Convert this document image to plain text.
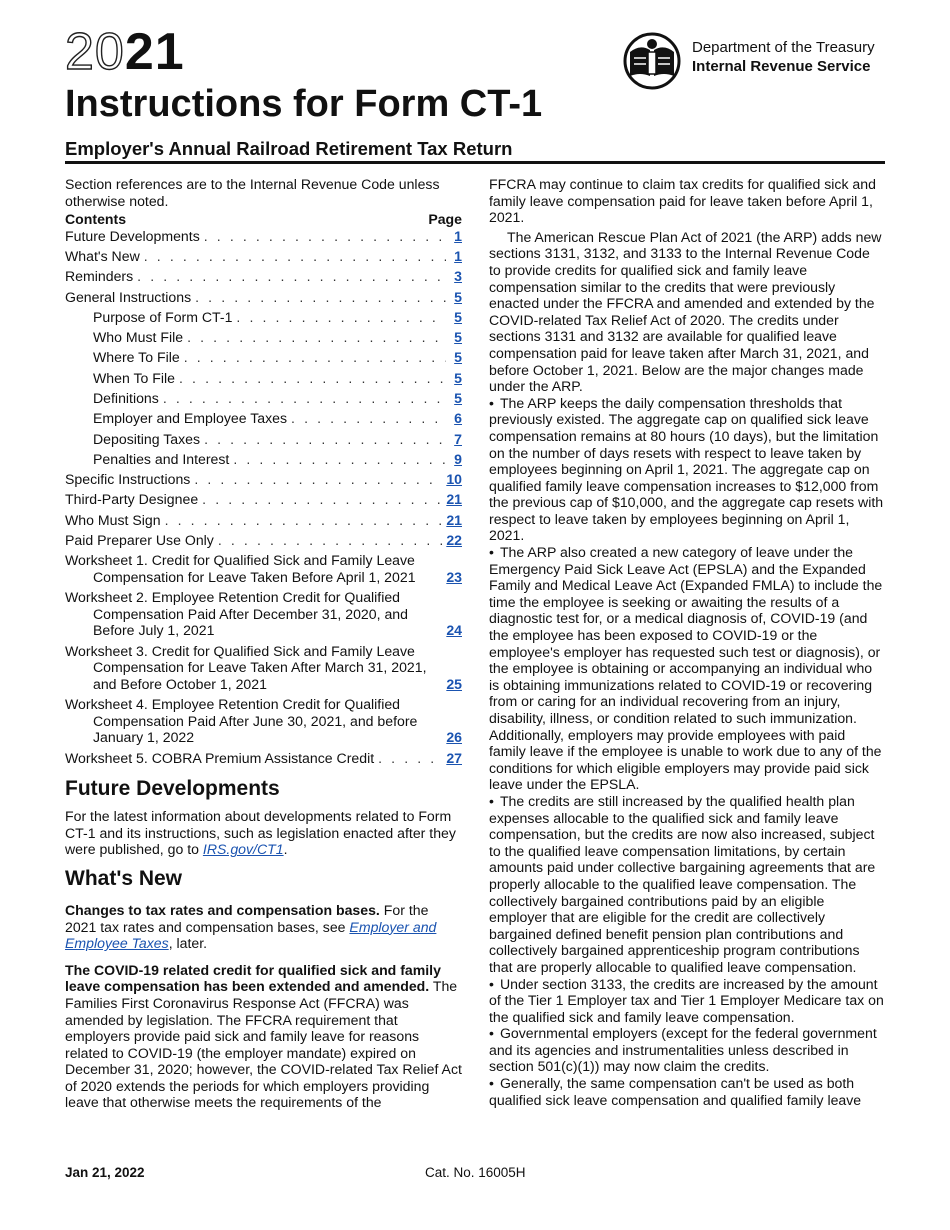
2021	Department of the Treasury
Internal Revenue Service
Instructions for Form CT-1
Employer's Annual Railroad Retirement Tax Return

Section references are to the Internal Revenue Code unless otherwise noted.

Contents	Page
Future Developments . . .	1
What's New . . .	1
Reminders . . .	3
General Instructions . . .	5
Purpose of Form CT-1 . . .	5
Who Must File . . .	5
Where To File . . .	5
When To File . . .	5
Definitions . . .	5
Employer and Employee Taxes . . .	6
Depositing Taxes . . .	7
Penalties and Interest . . .	9
Specific Instructions . . .	10
Third-Party Designee . . .	21
Who Must Sign . . .	21
Paid Preparer Use Only . . .	22
Worksheet 1. Credit for Qualified Sick and Family Leave Compensation for Leave Taken Before April 1, 2021 . . .	23
Worksheet 2. Employee Retention Credit for Qualified Compensation Paid After December 31, 2020, and Before July 1, 2021 . . .	24
Worksheet 3. Credit for Qualified Sick and Family Leave Compensation for Leave Taken After March 31, 2021, and Before October 1, 2021 . . .	25
Worksheet 4. Employee Retention Credit for Qualified Compensation Paid After June 30, 2021, and before January 1, 2022 . . .	26
Worksheet 5. COBRA Premium Assistance Credit . . .	27
Future Developments

For the latest information about developments related to Form CT-1 and its instructions, such as legislation enacted after they were published, go to IRS.gov/CT1.

What's New

Changes to tax rates and compensation bases. For the 2021 tax rates and compensation bases, see Employer and Employee Taxes, later.

The COVID-19 related credit for qualified sick and family leave compensation has been extended and amended. The Families First Coronavirus Response Act (FFCRA) was amended by legislation. The FFCRA requirement that employers provide paid sick and family leave for reasons related to COVID-19 (the employer mandate) expired on December 31, 2020; however, the COVID-related Tax Relief Act of 2020 extends the periods for which employers providing leave that otherwise meets the requirements of the

FFCRA may continue to claim tax credits for qualified sick and family leave compensation paid for leave taken before April 1, 2021.

The American Rescue Plan Act of 2021 (the ARP) adds new sections 3131, 3132, and 3133 to the Internal Revenue Code to provide credits for qualified sick and family leave compensation similar to the credits that were previously enacted under the FFCRA and amended and extended by the COVID-related Tax Relief Act of 2020. The credits under sections 3131 and 3132 are available for qualified leave compensation paid for leave taken after March 31, 2021, and before October 1, 2021. Below are the major changes made under the ARP.

• The ARP keeps the daily compensation thresholds that previously existed. The aggregate cap on qualified sick leave compensation remains at 80 hours (10 days), but the limitation on the number of days resets with respect to leave taken by employees beginning on April 1, 2021. The aggregate cap on qualified family leave compensation increases to $12,000 from the previous cap of $10,000, and the aggregate cap resets with respect to leave taken by employees beginning on April 1, 2021.

• The ARP also created a new category of leave under the Emergency Paid Sick Leave Act (EPSLA) and the Expanded Family and Medical Leave Act (Expanded FMLA) to include the time the employee is seeking or awaiting the results of a diagnostic test for, or a medical diagnosis of, COVID-19 (and the employee has been exposed to COVID-19 or the employee's employer has requested such test or diagnosis), or the employee is obtaining or accompanying an individual who is obtaining immunizations related to COVID-19 or recovering from or caring for an individual recovering from an injury, disability, illness, or condition related to such immunization. Additionally, employers may provide employees with paid family leave if the employee is unable to work due to any of the conditions for which eligible employers may provide paid sick leave under the EPSLA.

• The credits are still increased by the qualified health plan expenses allocable to the qualified sick and family leave compensation, but the credits are now also increased, subject to the qualified leave compensation limitations, by certain amounts paid under collective bargaining agreements that are properly allocable to the qualified leave compensation. The collectively bargained contributions paid by an eligible employer that are eligible for the credit are collectively bargained defined benefit pension plan contributions and collectively bargained apprenticeship program contributions that are properly allocable to qualified leave compensation.

• Under section 3133, the credits are increased by the amount of the Tier 1 Employer tax and Tier 1 Employer Medicare tax on the qualified sick and family leave compensation.

• Governmental employers (except for the federal government and its agencies and instrumentalities unless described in section 501(c)(1)) may now claim the credits.

• Generally, the same compensation can't be used as both qualified sick leave compensation and qualified family leave

Jan 21, 2022	Cat. No. 16005H
